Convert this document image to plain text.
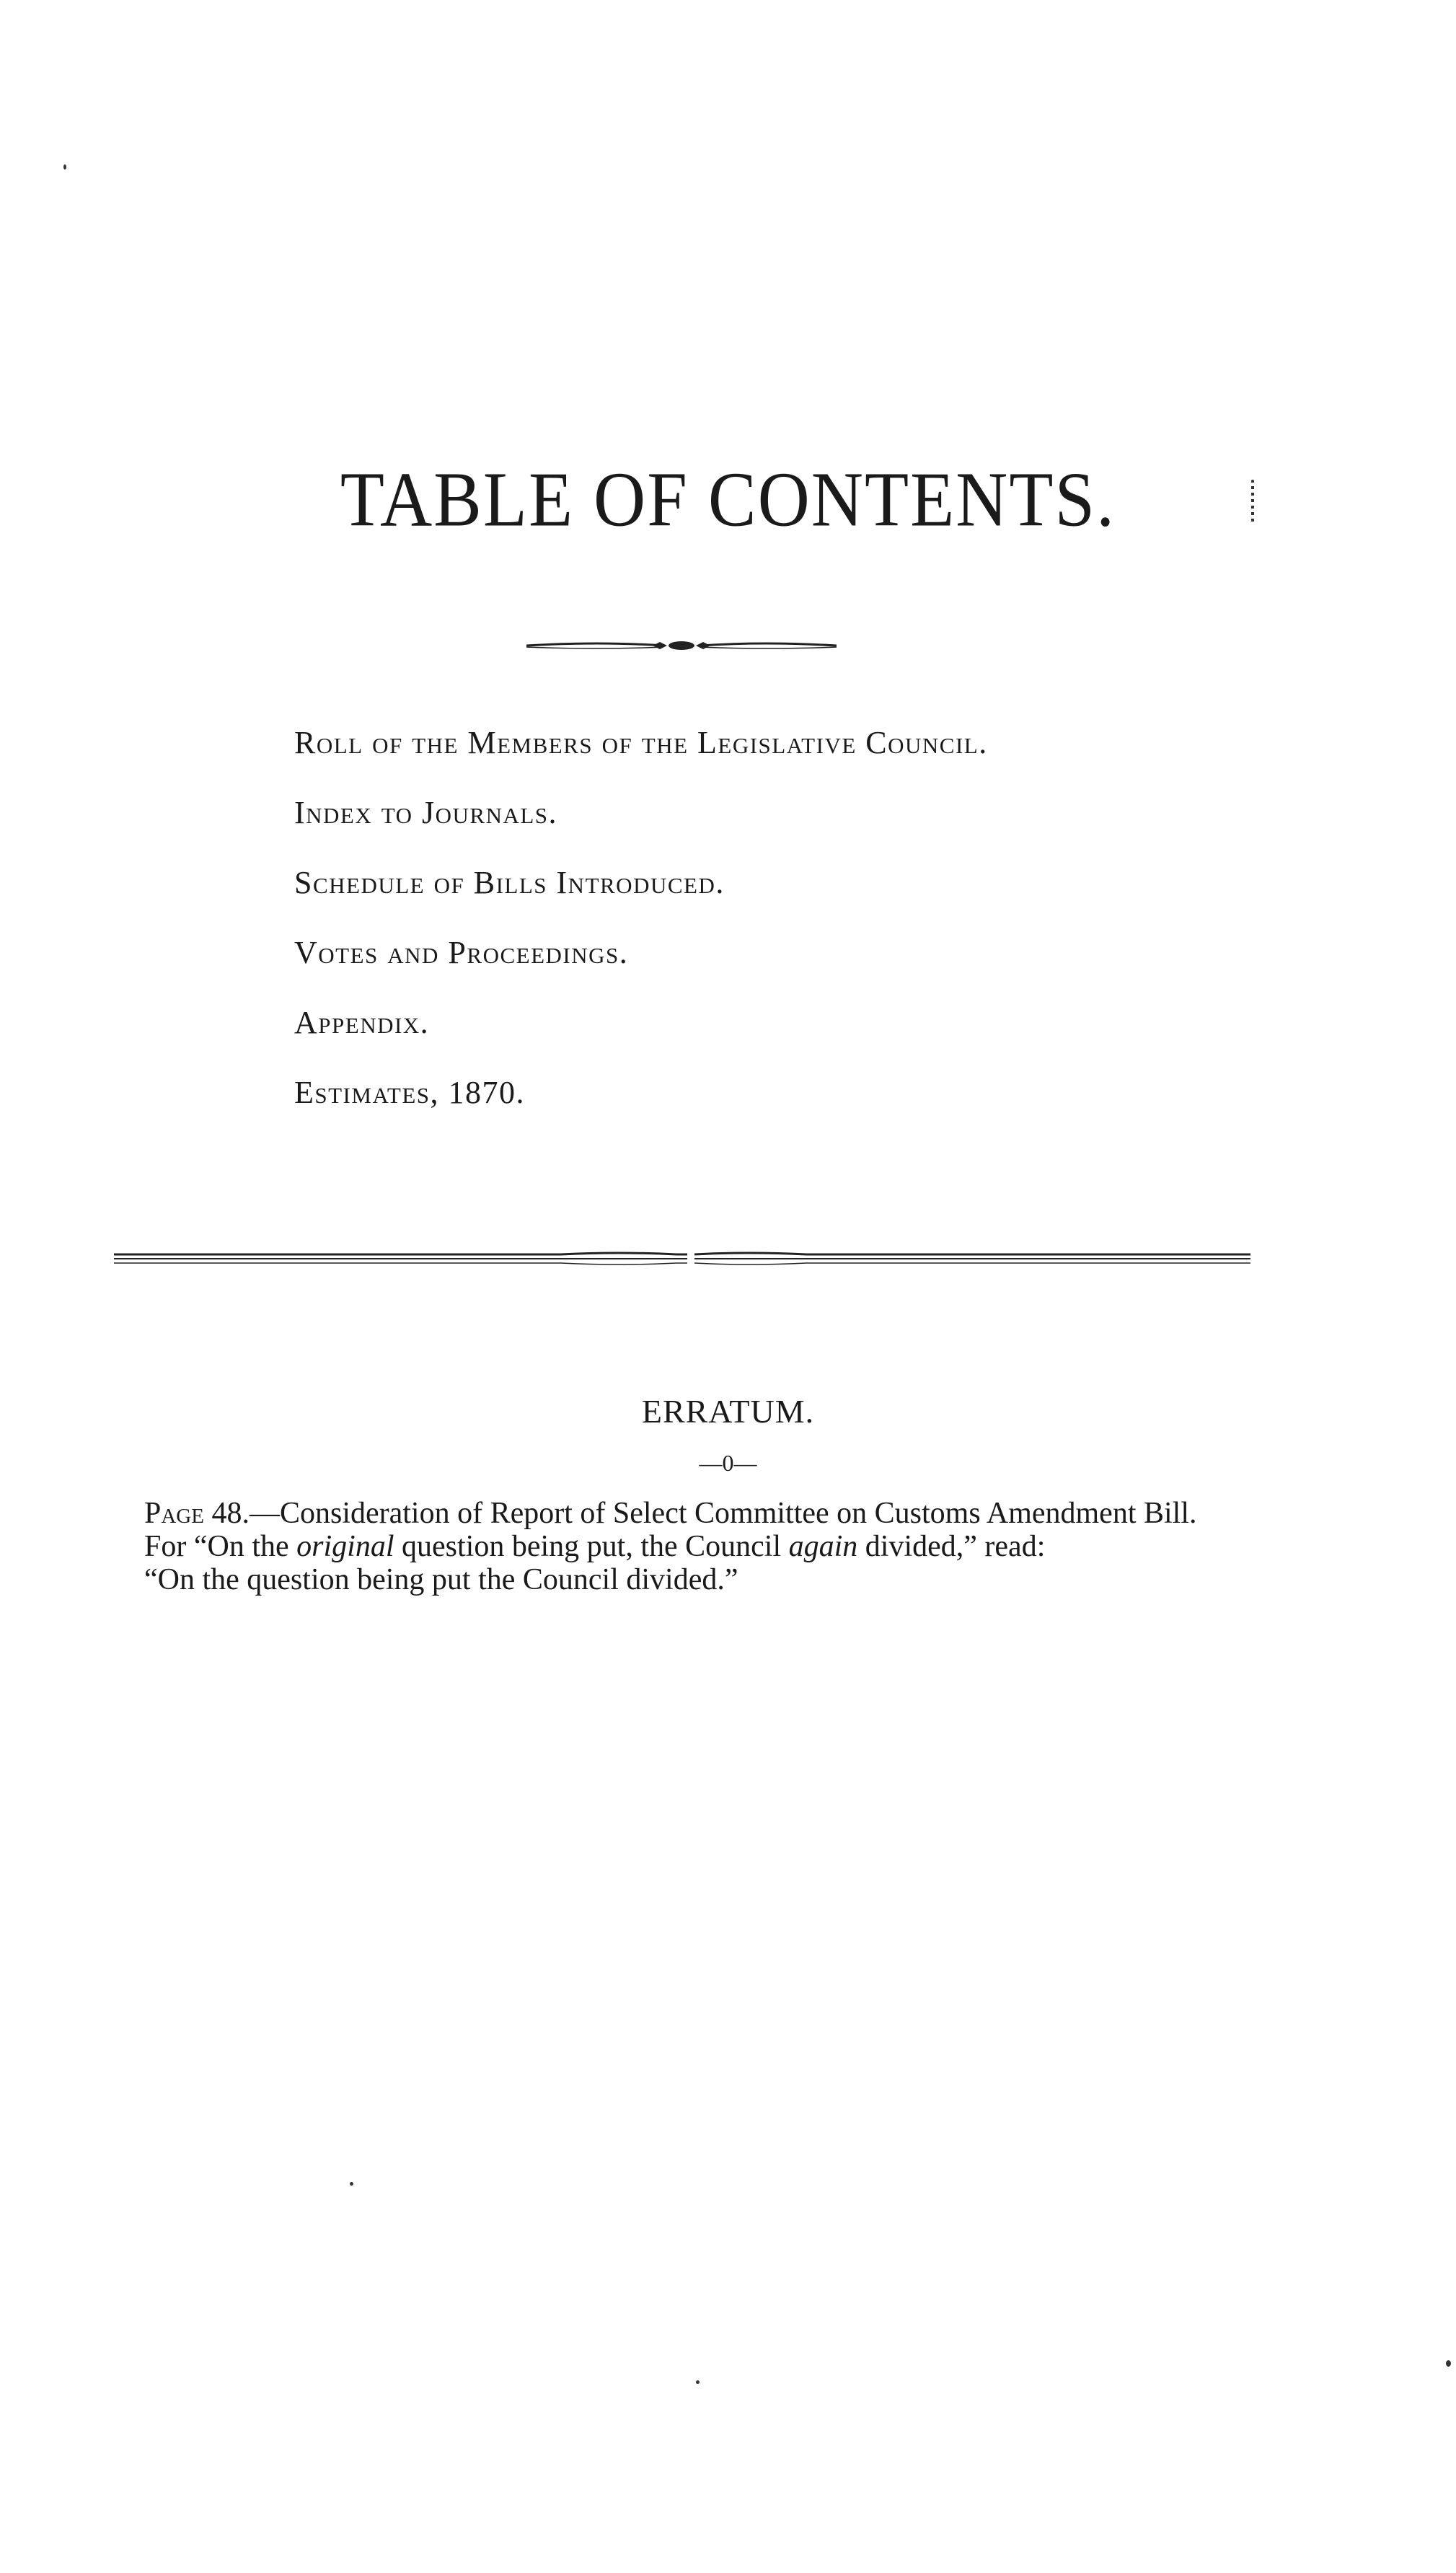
TABLE OF CONTENTS.
Roll of the Members of the Legislative Council.
Index to Journals.
Schedule of Bills Introduced.
Votes and Proceedings.
Appendix.
Estimates, 1870.
ERRATUM.
—0—

Page 48.—Consideration of Report of Select Committee on Customs Amendment Bill.

For “On the original question being put, the Council again divided,” read:

“On the question being put the Council divided.”
